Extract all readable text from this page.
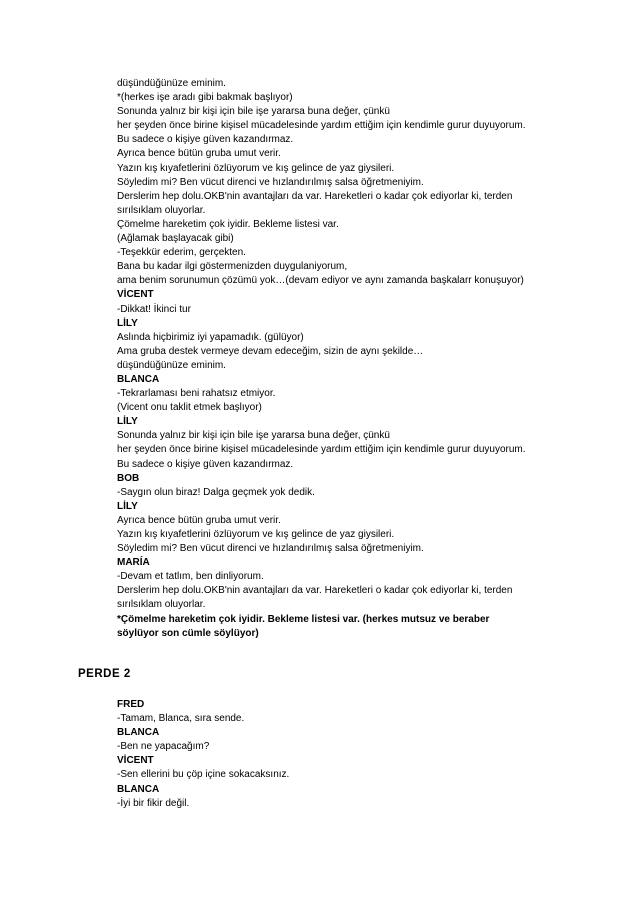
düşündüğünüze eminim.
*(herkes işe aradı gibi bakmak başlıyor)
Sonunda yalnız bir kişi için bile işe yararsa buna değer, çünkü
her şeyden önce birine kişisel mücadelesinde yardım ettiğim için kendimle gurur duyuyorum.
Bu sadece o kişiye güven kazandırmaz.
Ayrıca bence bütün gruba umut verir.
Yazın kış kıyafetlerini özlüyorum ve kış gelince de yaz giysileri.
Söyledim mi? Ben vücut direnci ve hızlandırılmış salsa öğretmeniyim.
Derslerim hep dolu.OKB'nin avantajları da var. Hareketleri o kadar çok ediyorlar ki, terden
sırılsıklam oluyorlar.
Çömelme hareketim çok iyidir. Bekleme listesi var.
(Ağlamak başlayacak gibi)
-Teşekkür ederim, gerçekten.
Bana bu kadar ilgi göstermenizden duygulaniyorum,
ama benim sorunumun çözümü yok…(devam ediyor ve aynı zamanda başkalarr konuşuyor)
VİCENT
-Dikkat! İkinci tur
LİLY
Aslında hiçbirimiz iyi yapamadık. (gülüyor)
Ama gruba destek vermeye devam edeceğim, sizin de aynı şekilde…
düşündüğünüze eminim.
BLANCA
-Tekrarlaması beni rahatsız etmiyor.
(Vicent onu taklit etmek başlıyor)
LİLY
Sonunda yalnız bir kişi için bile işe yararsa buna değer, çünkü
her şeyden önce birine kişisel mücadelesinde yardım ettiğim için kendimle gurur duyuyorum.
Bu sadece o kişiye güven kazandırmaz.
BOB
-Saygın olun biraz! Dalga geçmek yok dedik.
LİLY
Ayrıca bence bütün gruba umut verir.
Yazın kış kıyafetlerini özlüyorum ve kış gelince de yaz giysileri.
Söyledim mi? Ben vücut direnci ve hızlandırılmış salsa öğretmeniyim.
MARÍA
-Devam et tatlım, ben dinliyorum.
Derslerim hep dolu.OKB'nin avantajları da var. Hareketleri o kadar çok ediyorlar ki, terden
sırılsıklam oluyorlar.
*Çömelme hareketim çok iyidir. Bekleme listesi var. (herkes mutsuz ve beraber
söylüyor son cümle söylüyor)
PERDE 2
FRED
-Tamam, Blanca, sıra sende.
BLANCA
-Ben ne yapacağım?
VİCENT
-Sen ellerini bu çöp içine sokacaksınız.
BLANCA
-İyi bir fikir değil.
